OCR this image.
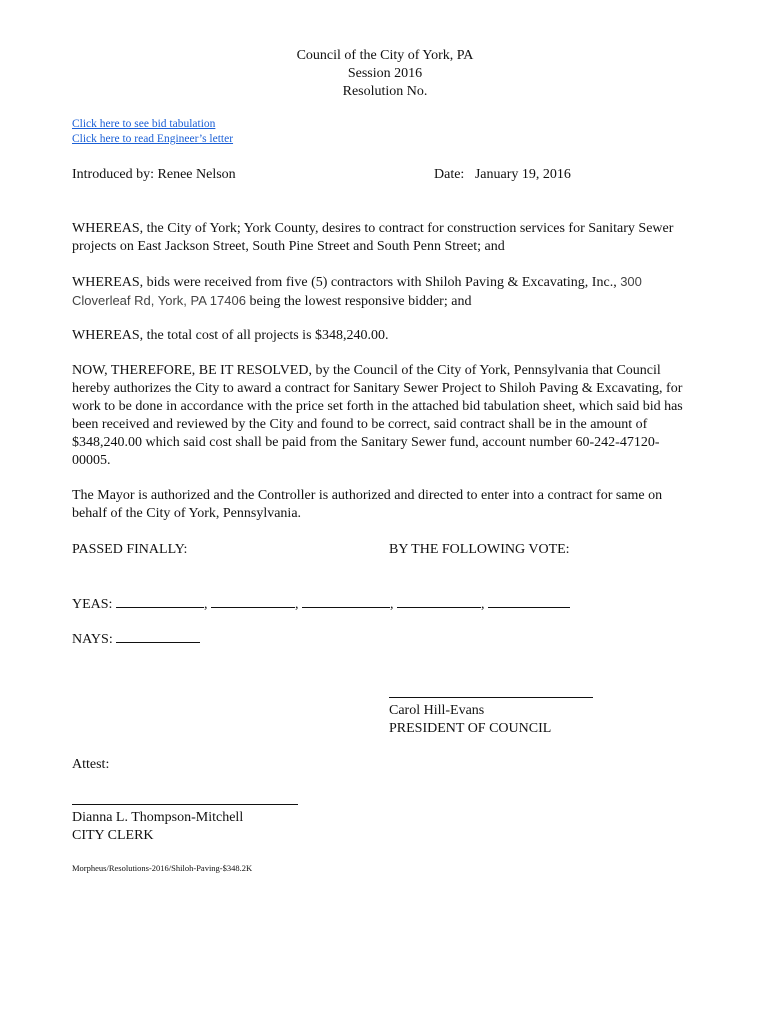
Council of the City of York, PA
Session 2016
Resolution No.
Click here to see bid tabulation
Click here to read Engineer’s letter
Introduced by: Renee Nelson	Date: January 19, 2016
WHEREAS, the City of York; York County, desires to contract for construction services for Sanitary Sewer projects on East Jackson Street, South Pine Street and South Penn Street; and
WHEREAS, bids were received from five (5) contractors with Shiloh Paving & Excavating, Inc., 300 Cloverleaf Rd, York, PA 17406 being the lowest responsive bidder; and
WHEREAS, the total cost of all projects is $348,240.00.
NOW, THEREFORE, BE IT RESOLVED, by the Council of the City of York, Pennsylvania that Council hereby authorizes the City to award a contract for Sanitary Sewer Project to Shiloh Paving & Excavating, for work to be done in accordance with the price set forth in the attached bid tabulation sheet, which said bid has been received and reviewed by the City and found to be correct, said contract shall be in the amount of $348,240.00 which said cost shall be paid from the Sanitary Sewer fund, account number 60-242-47120-00005.
The Mayor is authorized and the Controller is authorized and directed to enter into a contract for same on behalf of the City of York, Pennsylvania.
PASSED FINALLY:	BY THE FOLLOWING VOTE:
YEAS:	,	,	,	,
NAYS:
Carol Hill-Evans
PRESIDENT OF COUNCIL
Attest:
Dianna L. Thompson-Mitchell
CITY CLERK
Morpheus/Resolutions-2016/Shiloh-Paving-$348.2K
